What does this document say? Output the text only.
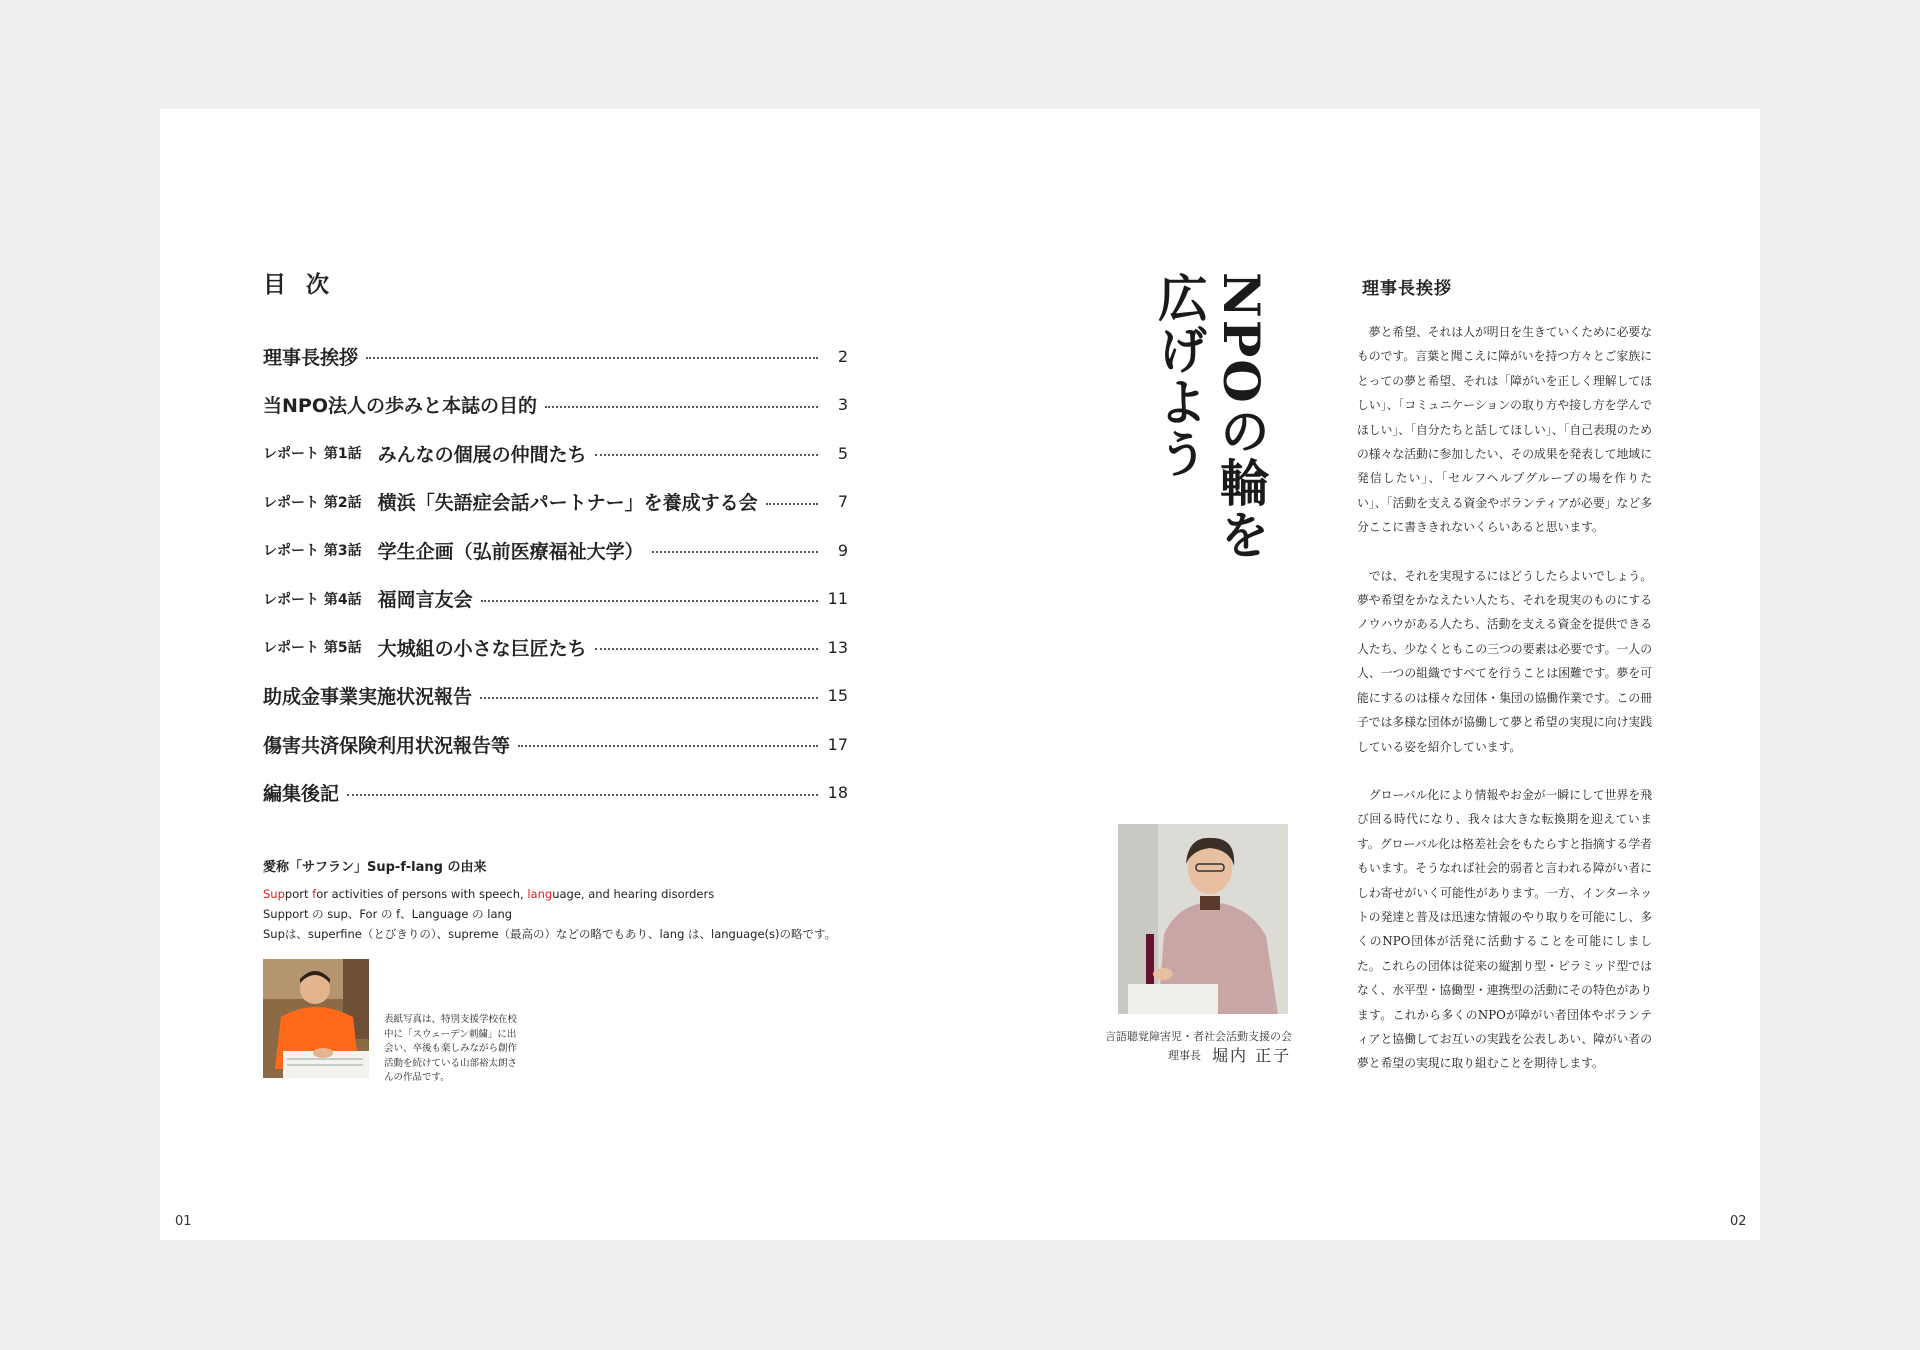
01	02
目 次
理事長挨拶	2
当NPO法人の歩みと本誌の目的	3
レポート 第1話 みんなの個展の仲間たち	5
レポート 第2話 横浜「失語症会話パートナー」を養成する会	7
レポート 第3話 学生企画（弘前医療福祉大学）	9
レポート 第4話 福岡言友会	11
レポート 第5話 大城組の小さな巨匠たち	13
助成金事業実施状況報告	15
傷害共済保険利用状況報告等	17
編集後記	18
愛称「サフラン」Sup-f-lang の由来
Support for activities of persons with speech, language, and hearing disorders
Support の sup、For の f、Language の lang
Supは、superfine（とびきりの）、supreme（最高の）などの略でもあり、lang は、language(s)の略です。
表紙写真は、特別支援学校在校中に「スウェーデン刺繍」に出会い、卒後も楽しみながら創作活動を続けている山部裕太朗さんの作品です。
NPOの輪を
広げよう
言語聴覚障害児・者社会活動支援の会
理事長 堀内 正子
理事長挨拶

夢と希望、それは人が明日を生きていくために必要なものです。言葉と聞こえに障がいを持つ方々とご家族にとっての夢と希望、それは「障がいを正しく理解してほしい」、「コミュニケーションの取り方や接し方を学んでほしい」、「自分たちと話してほしい」、「自己表現のための様々な活動に参加したい、その成果を発表して地域に発信したい」、「セルフヘルプグループの場を作りたい」、「活動を支える資金やボランティアが必要」など多分ここに書ききれないくらいあると思います。

では、それを実現するにはどうしたらよいでしょう。夢や希望をかなえたい人たち、それを現実のものにするノウハウがある人たち、活動を支える資金を提供できる人たち、少なくともこの三つの要素は必要です。一人の人、一つの組織ですべてを行うことは困難です。夢を可能にするのは様々な団体・集団の協働作業です。この冊子では多様な団体が協働して夢と希望の実現に向け実践している姿を紹介しています。

グローバル化により情報やお金が一瞬にして世界を飛び回る時代になり、我々は大きな転換期を迎えています。グローバル化は格差社会をもたらすと指摘する学者もいます。そうなれば社会的弱者と言われる障がい者にしわ寄せがいく可能性があります。一方、インターネットの発達と普及は迅速な情報のやり取りを可能にし、多くのNPO団体が活発に活動することを可能にしました。これらの団体は従来の縦割り型・ピラミッド型ではなく、水平型・協働型・連携型の活動にその特色があります。これから多くのNPOが障がい者団体やボランティアと協働してお互いの実践を公表しあい、障がい者の夢と希望の実現に取り組むことを期待します。
